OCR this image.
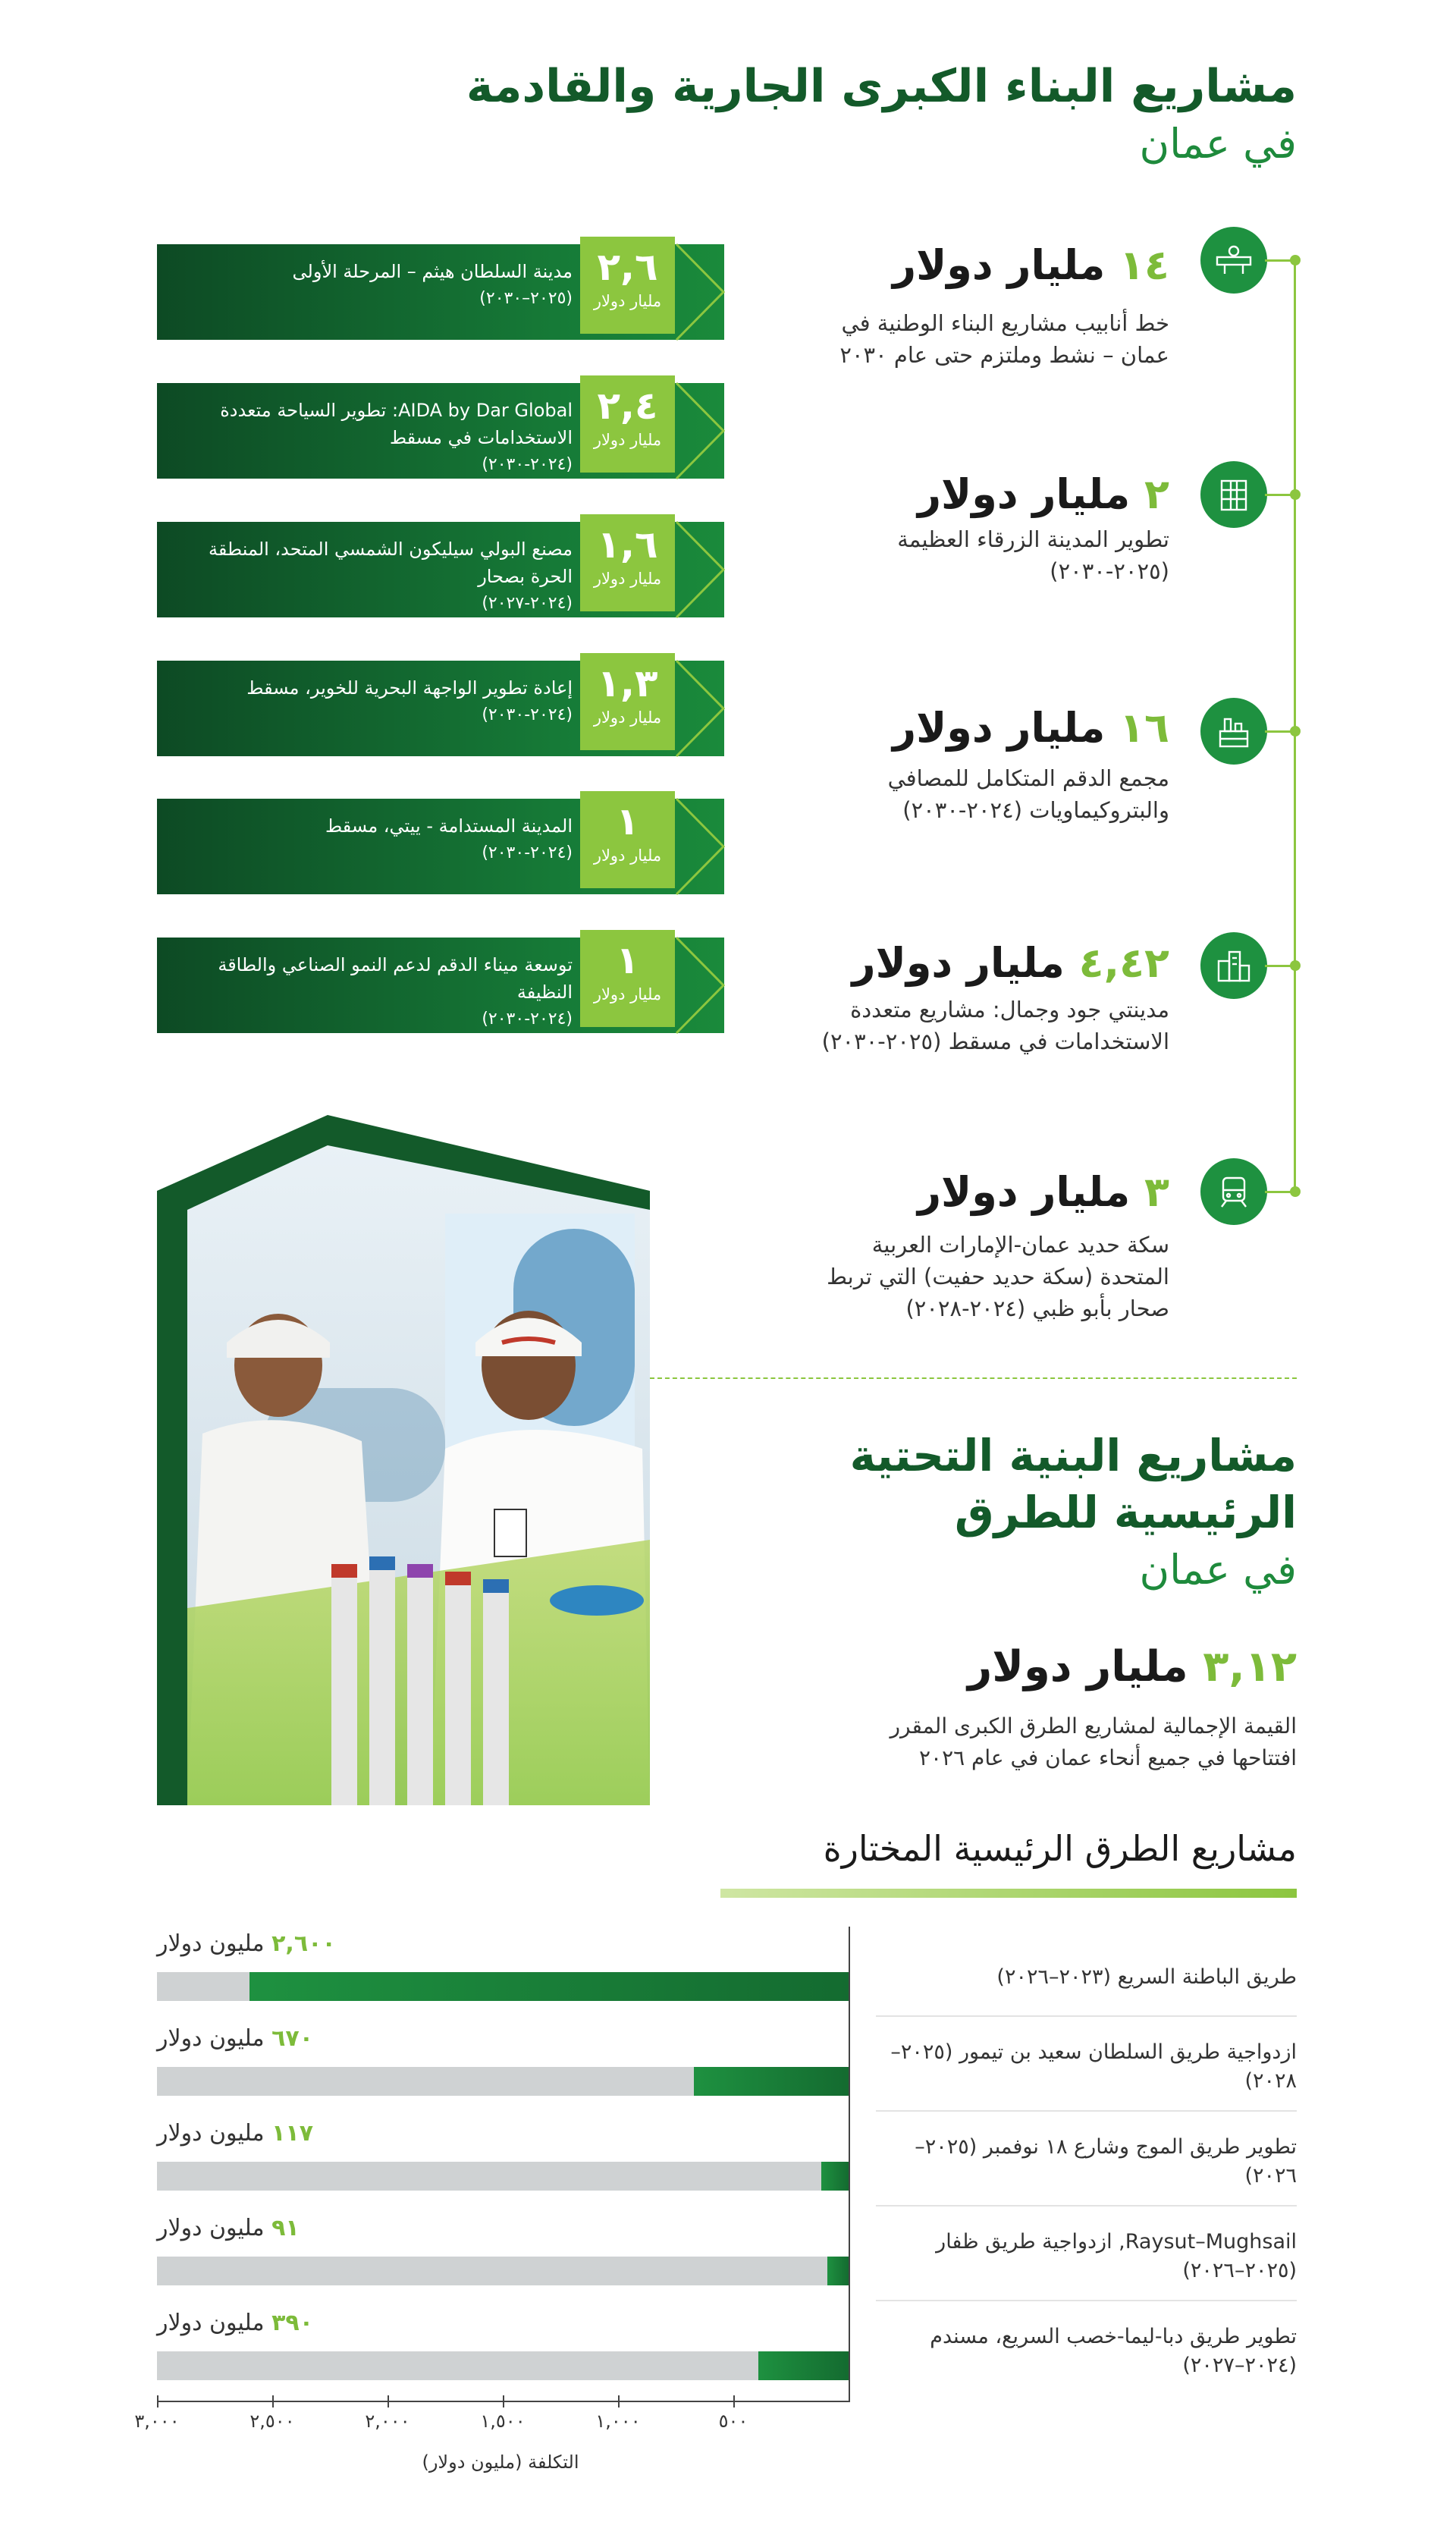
مشاريع البناء الكبرى الجارية والقادمة
في عمان
مدينة السلطان هيثم – المرحلة الأولى
(٢٠٢٥–٢٠٣٠)
٢,٦
مليار دولار
AIDA by Dar Global: تطوير السياحة متعددة الاستخدامات في مسقط
(٢٠٢٤-٢٠٣٠)
٢,٤
مليار دولار
مصنع البولي سيليكون الشمسي المتحد، المنطقة الحرة بصحار
(٢٠٢٤-٢٠٢٧)
١,٦
مليار دولار
إعادة تطوير الواجهة البحرية للخوير، مسقط
(٢٠٢٤-٢٠٣٠)
١,٣
مليار دولار
المدينة المستدامة - ييتي، مسقط
(٢٠٢٤-٢٠٣٠)
١
مليار دولار
توسعة ميناء الدقم لدعم النمو الصناعي والطاقة النظيفة
(٢٠٢٤-٢٠٣٠)
١
مليار دولار
١٤ مليار دولار
خط أنابيب مشاريع البناء الوطنية في عمان – نشط وملتزم حتى عام ٢٠٣٠
٢ مليار دولار
تطوير المدينة الزرقاء العظيمة (٢٠٢٥-٢٠٣٠)
١٦ مليار دولار
مجمع الدقم المتكامل للمصافي والبتروكيماويات (٢٠٢٤-٢٠٣٠)
٤,٤٢ مليار دولار
مدينتي جود وجمال: مشاريع متعددة الاستخدامات في مسقط (٢٠٢٥-٢٠٣٠)
٣ مليار دولار
سكة حديد عمان-الإمارات العربية المتحدة (سكة حديد حفيت) التي تربط صحار بأبو ظبي (٢٠٢٤-٢٠٢٨)
مشاريع البنية التحتية
الرئيسية للطرق
في عمان
٣,١٢ مليار دولار
القيمة الإجمالية لمشاريع الطرق الكبرى المقرر افتتاحها في جميع أنحاء عمان في عام ٢٠٢٦
مشاريع الطرق الرئيسية المختارة
٢,٦٠٠ مليون دولار
طريق الباطنة السريع (٢٠٢٣–٢٠٢٦)
٦٧٠ مليون دولار
ازدواجية طريق السلطان سعيد بن تيمور (٢٠٢٥–٢٠٢٨)
١١٧ مليون دولار
تطوير طريق الموج وشارع ١٨ نوفمبر (٢٠٢٥–٢٠٢٦)
٩١ مليون دولار
Raysut–Mughsail, ازدواجية طريق ظفار (٢٠٢٥–٢٠٢٦)
٣٩٠ مليون دولار
تطوير طريق دبا-ليما-خصب السريع، مسندم (٢٠٢٤–٢٠٢٧)
٣,٠٠٠	٢,٥٠٠	٢,٠٠٠	١,٥٠٠	١,٠٠٠	٥٠٠
التكلفة (مليون دولار)
